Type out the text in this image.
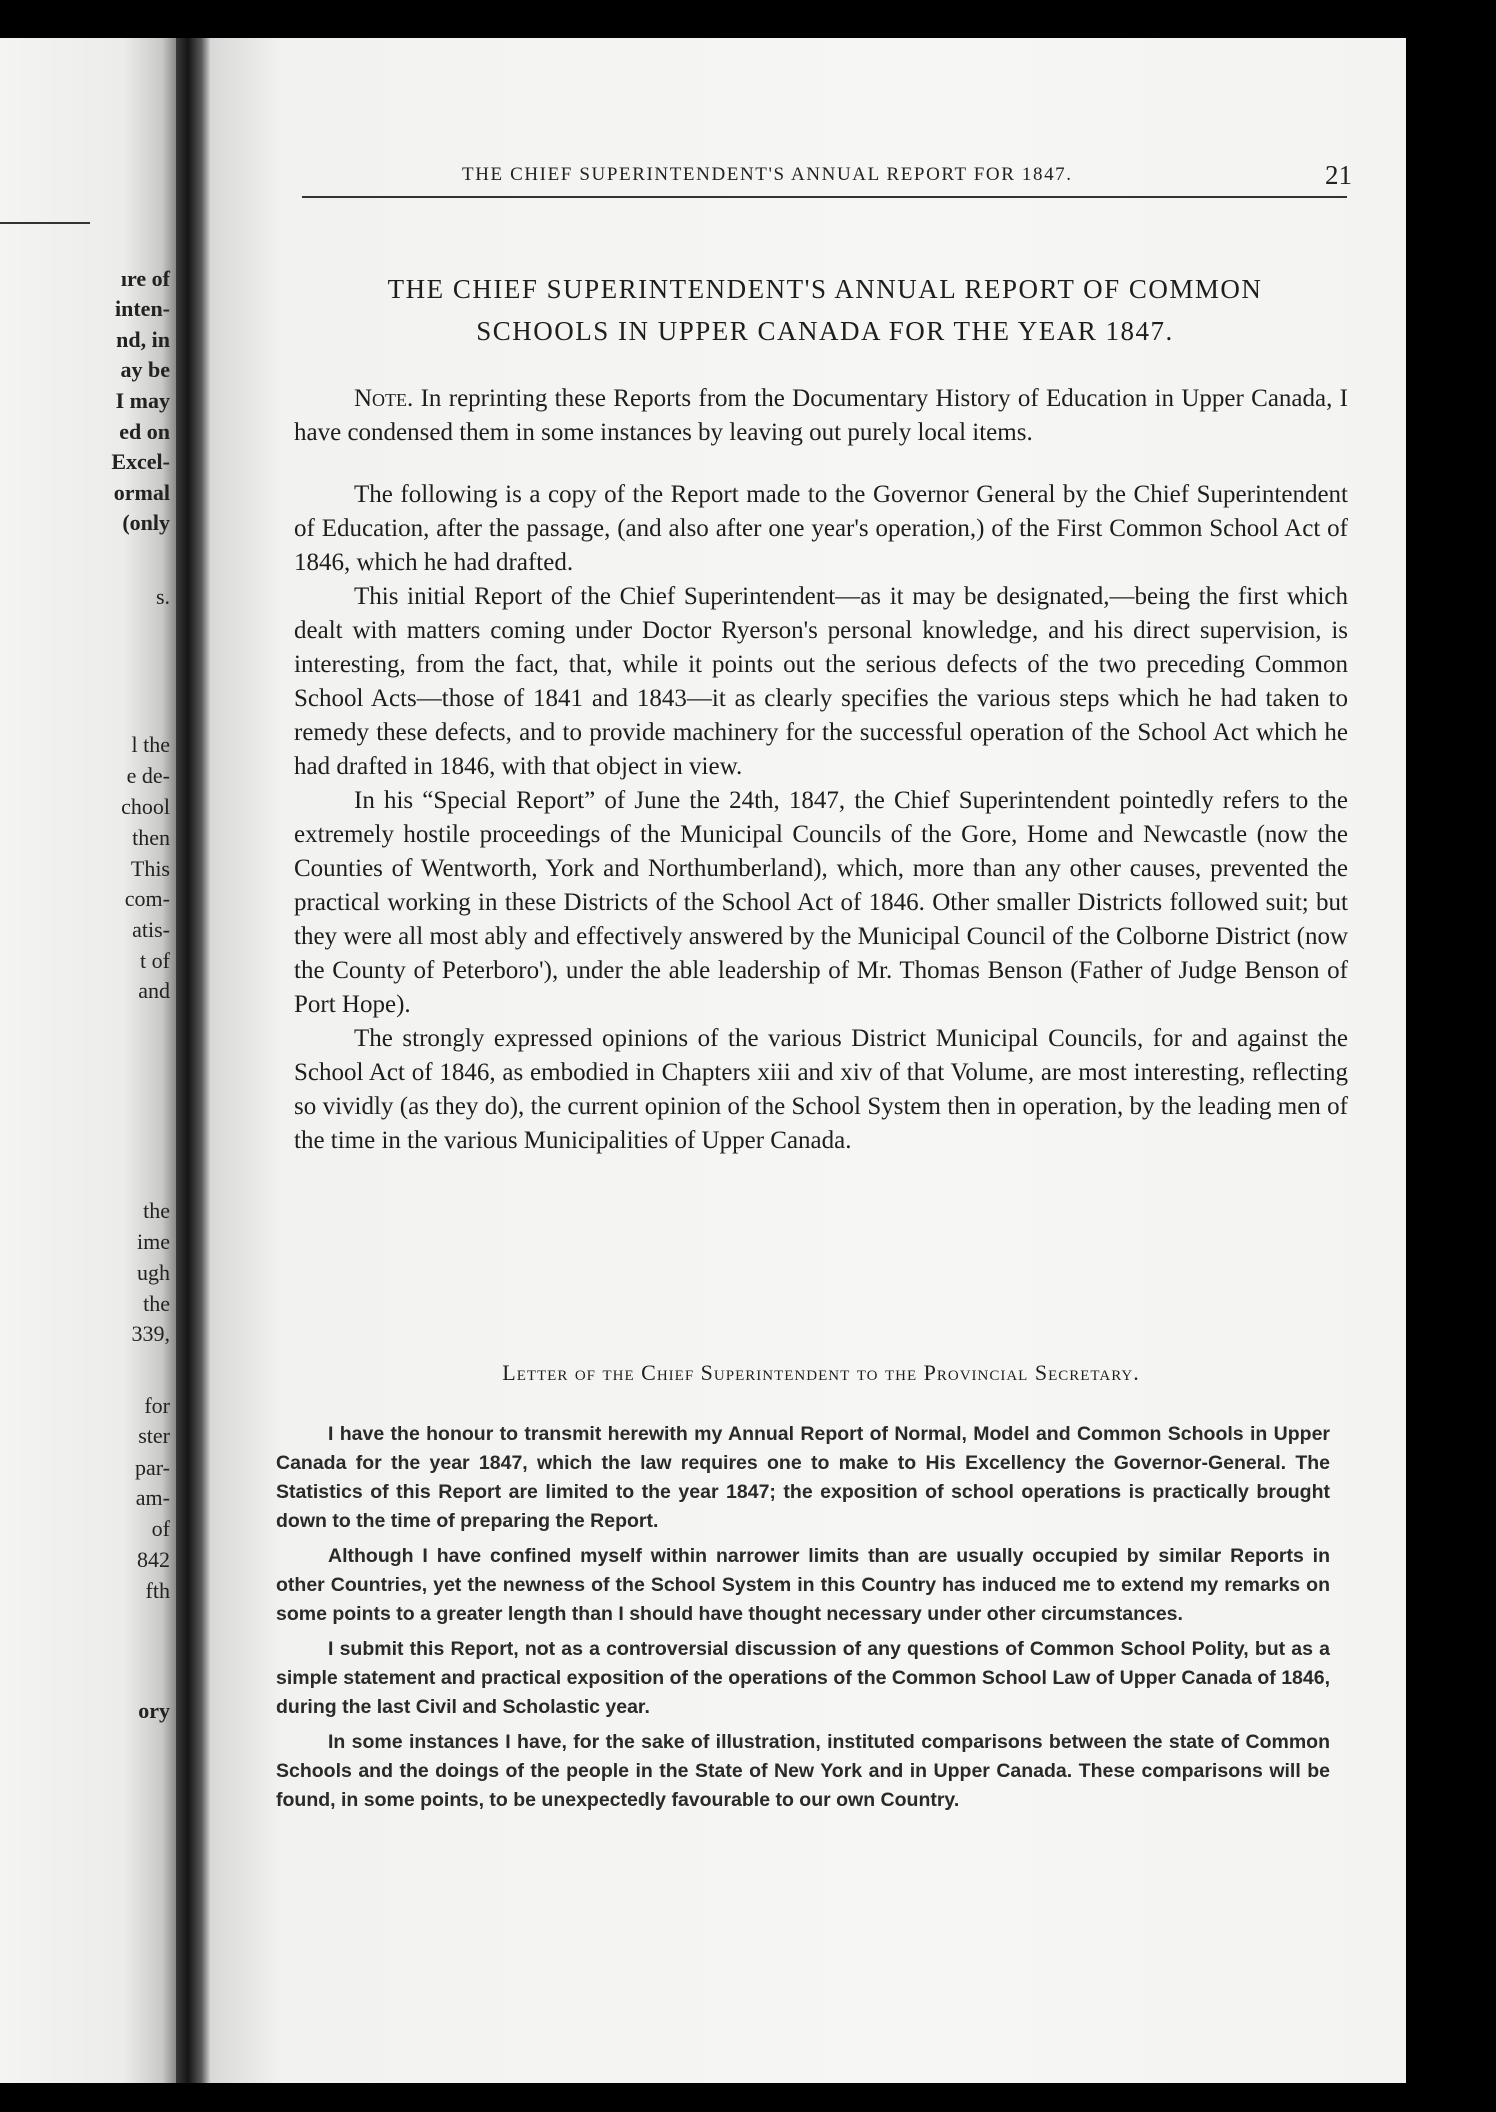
ıre of
inten-
nd, in
ay be
I may
ed on
Excel-
ormal
(only
s.
l the
e de-
chool
then
This
com-
atis-
t of
and
the
ime
ugh
the
339,
for
ster
par-
am-
of
842
fth
ory
THE CHIEF SUPERINTENDENT'S ANNUAL REPORT FOR 1847.	21
THE CHIEF SUPERINTENDENT'S ANNUAL REPORT OF COMMON
SCHOOLS IN UPPER CANADA FOR THE YEAR 1847.

Note. In reprinting these Reports from the Documentary History of Education in Upper Canada, I have condensed them in some instances by leaving out purely local items.

The following is a copy of the Report made to the Governor General by the Chief Superintendent of Education, after the passage, (and also after one year's operation,) of the First Common School Act of 1846, which he had drafted.

This initial Report of the Chief Superintendent—as it may be designated,—being the first which dealt with matters coming under Doctor Ryerson's personal knowledge, and his direct supervision, is interesting, from the fact, that, while it points out the serious defects of the two preceding Common School Acts—those of 1841 and 1843—it as clearly specifies the various steps which he had taken to remedy these defects, and to provide machinery for the successful operation of the School Act which he had drafted in 1846, with that object in view.

In his “Special Report” of June the 24th, 1847, the Chief Superintendent pointedly refers to the extremely hostile proceedings of the Municipal Councils of the Gore, Home and Newcastle (now the Counties of Wentworth, York and Northumberland), which, more than any other causes, prevented the practical working in these Districts of the School Act of 1846. Other smaller Districts followed suit; but they were all most ably and effectively answered by the Municipal Council of the Colborne District (now the County of Peterboro'), under the able leadership of Mr. Thomas Benson (Father of Judge Benson of Port Hope).

The strongly expressed opinions of the various District Municipal Councils, for and against the School Act of 1846, as embodied in Chapters xiii and xiv of that Volume, are most interesting, reflecting so vividly (as they do), the current opinion of the School System then in operation, by the leading men of the time in the various Municipalities of Upper Canada.

Letter of the Chief Superintendent to the Provincial Secretary.

I have the honour to transmit herewith my Annual Report of Normal, Model and Common Schools in Upper Canada for the year 1847, which the law requires one to make to His Excellency the Governor-General. The Statistics of this Report are limited to the year 1847; the exposition of school operations is practically brought down to the time of preparing the Report.

Although I have confined myself within narrower limits than are usually occupied by similar Reports in other Countries, yet the newness of the School System in this Country has induced me to extend my remarks on some points to a greater length than I should have thought necessary under other circumstances.

I submit this Report, not as a controversial discussion of any questions of Common School Polity, but as a simple statement and practical exposition of the operations of the Common School Law of Upper Canada of 1846, during the last Civil and Scholastic year.

In some instances I have, for the sake of illustration, instituted comparisons between the state of Common Schools and the doings of the people in the State of New York and in Upper Canada. These comparisons will be found, in some points, to be unexpectedly favourable to our own Country.
